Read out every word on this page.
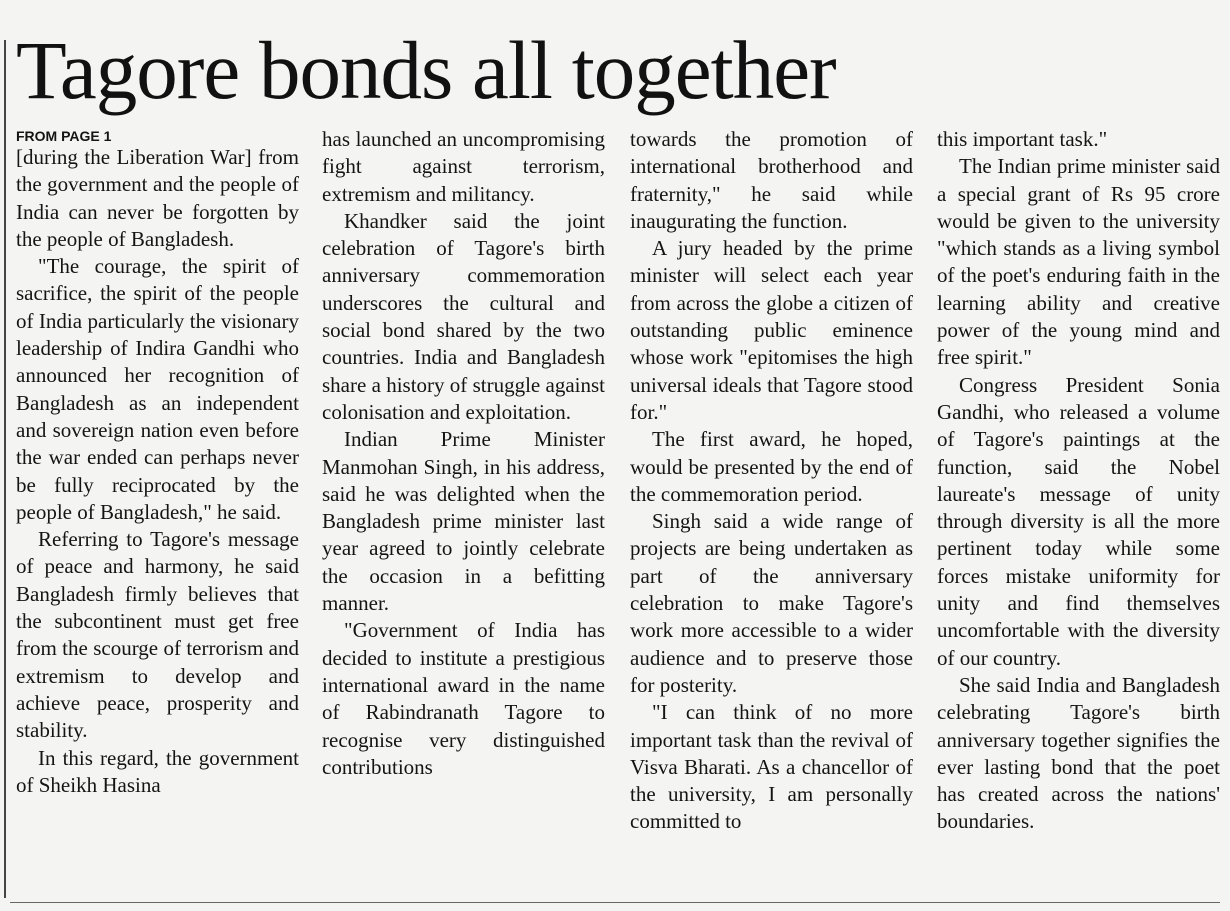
Tagore bonds all together
FROM PAGE 1

[during the Liberation War] from the government and the people of India can never be forgotten by the people of Bangladesh.

"The courage, the spirit of sacrifice, the spirit of the people of India particularly the visionary leadership of Indira Gandhi who announced her recognition of Bangladesh as an independent and sovereign nation even before the war ended can perhaps never be fully reciprocated by the people of Bangladesh," he said.

Referring to Tagore's message of peace and harmony, he said Bangladesh firmly believes that the subcontinent must get free from the scourge of terrorism and extremism to develop and achieve peace, prosperity and stability.

In this regard, the government of Sheikh Hasina

has launched an uncompromising fight against terrorism, extremism and militancy.

Khandker said the joint celebration of Tagore's birth anniversary commemoration underscores the cultural and social bond shared by the two countries. India and Bangladesh share a history of struggle against colonisation and exploitation.

Indian Prime Minister Manmohan Singh, in his address, said he was delighted when the Bangladesh prime minister last year agreed to jointly celebrate the occasion in a befitting manner.

"Government of India has decided to institute a prestigious international award in the name of Rabindranath Tagore to recognise very distinguished contributions

towards the promotion of international brotherhood and fraternity," he said while inaugurating the function.

A jury headed by the prime minister will select each year from across the globe a citizen of outstanding public eminence whose work "epitomises the high universal ideals that Tagore stood for."

The first award, he hoped, would be presented by the end of the commemoration period.

Singh said a wide range of projects are being undertaken as part of the anniversary celebration to make Tagore's work more accessible to a wider audience and to preserve those for posterity.

"I can think of no more important task than the revival of Visva Bharati. As a chancellor of the university, I am personally committed to

this important task."

The Indian prime minister said a special grant of Rs 95 crore would be given to the university "which stands as a living symbol of the poet's enduring faith in the learning ability and creative power of the young mind and free spirit."

Congress President Sonia Gandhi, who released a volume of Tagore's paintings at the function, said the Nobel laureate's message of unity through diversity is all the more pertinent today while some forces mistake uniformity for unity and find themselves uncomfortable with the diversity of our country.

She said India and Bangladesh celebrating Tagore's birth anniversary together signifies the ever lasting bond that the poet has created across the nations' boundaries.
